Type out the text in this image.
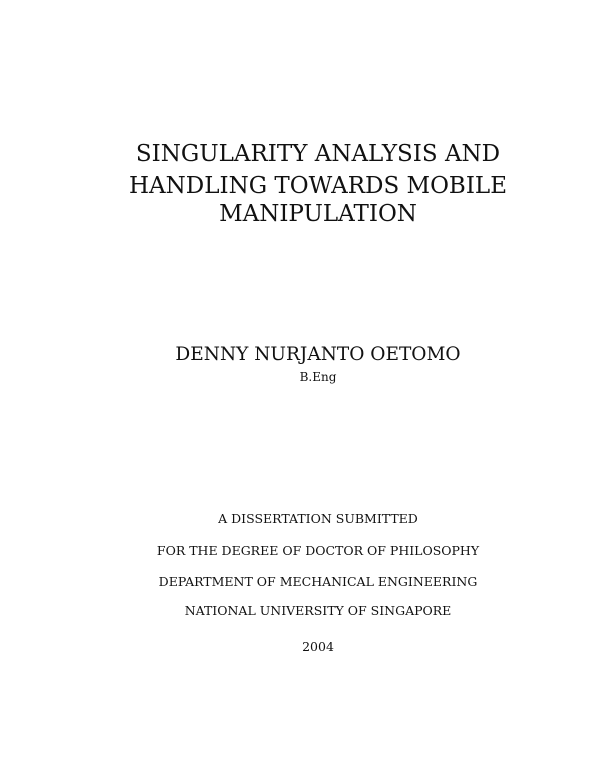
SINGULARITY ANALYSIS AND
HANDLING TOWARDS MOBILE
MANIPULATION
DENNY NURJANTO OETOMO
B.Eng
A DISSERTATION SUBMITTED
FOR THE DEGREE OF DOCTOR OF PHILOSOPHY
DEPARTMENT OF MECHANICAL ENGINEERING
NATIONAL UNIVERSITY OF SINGAPORE
2004
